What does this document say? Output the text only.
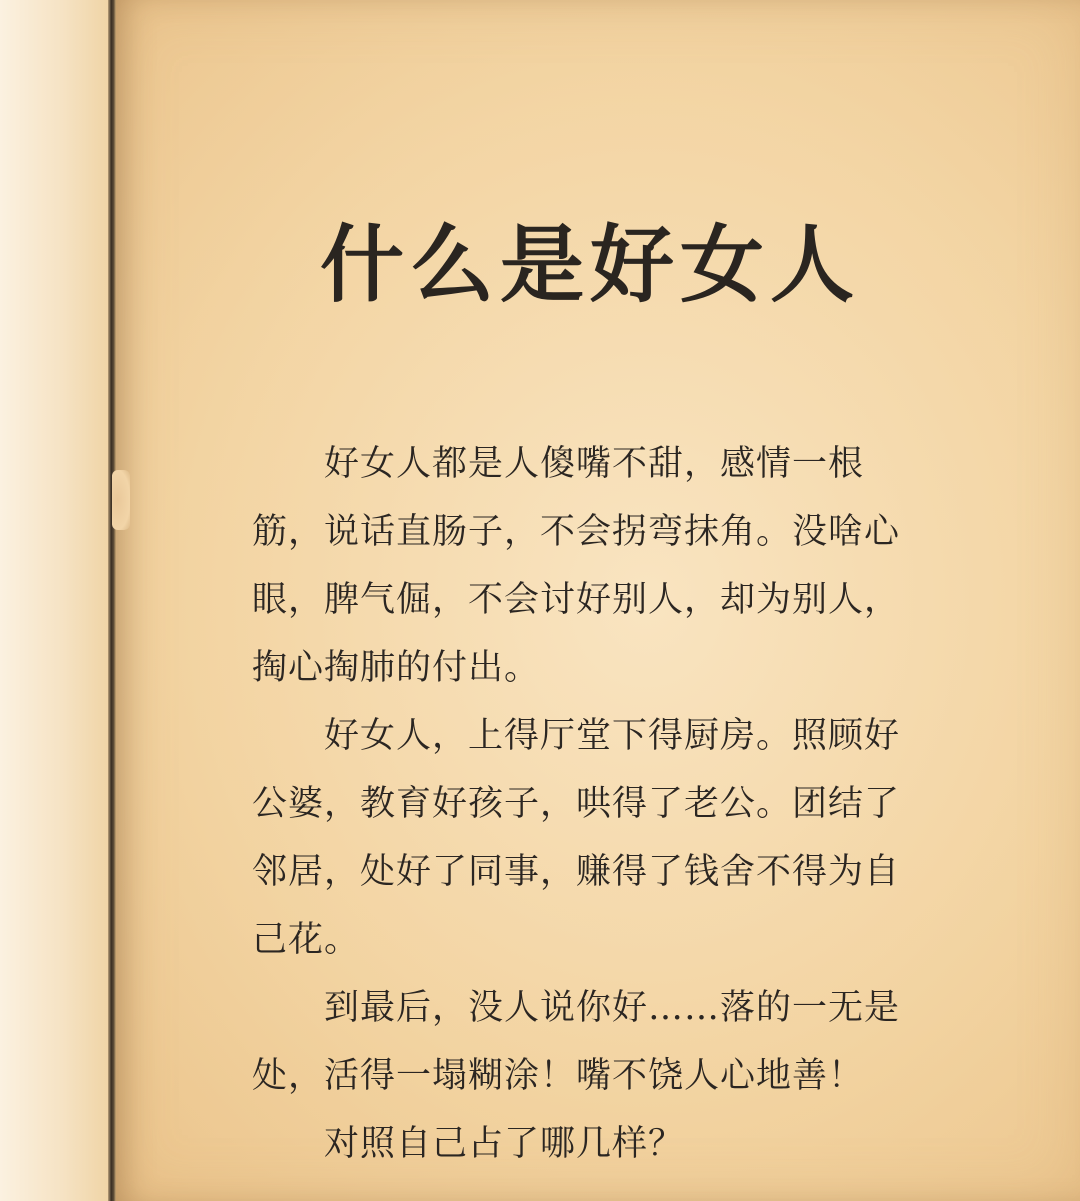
什么是好女人
好女人都是人傻嘴不甜，感情一根
筋，说话直肠子，不会拐弯抹角。没啥心
眼，脾气倔，不会讨好别人，却为别人，
掏心掏肺的付出。
好女人，上得厅堂下得厨房。照顾好
公婆，教育好孩子，哄得了老公。团结了
邻居，处好了同事，赚得了钱舍不得为自
己花。
到最后，没人说你好……落的一无是
处，活得一塌糊涂！嘴不饶人心地善！
对照自己占了哪几样？
